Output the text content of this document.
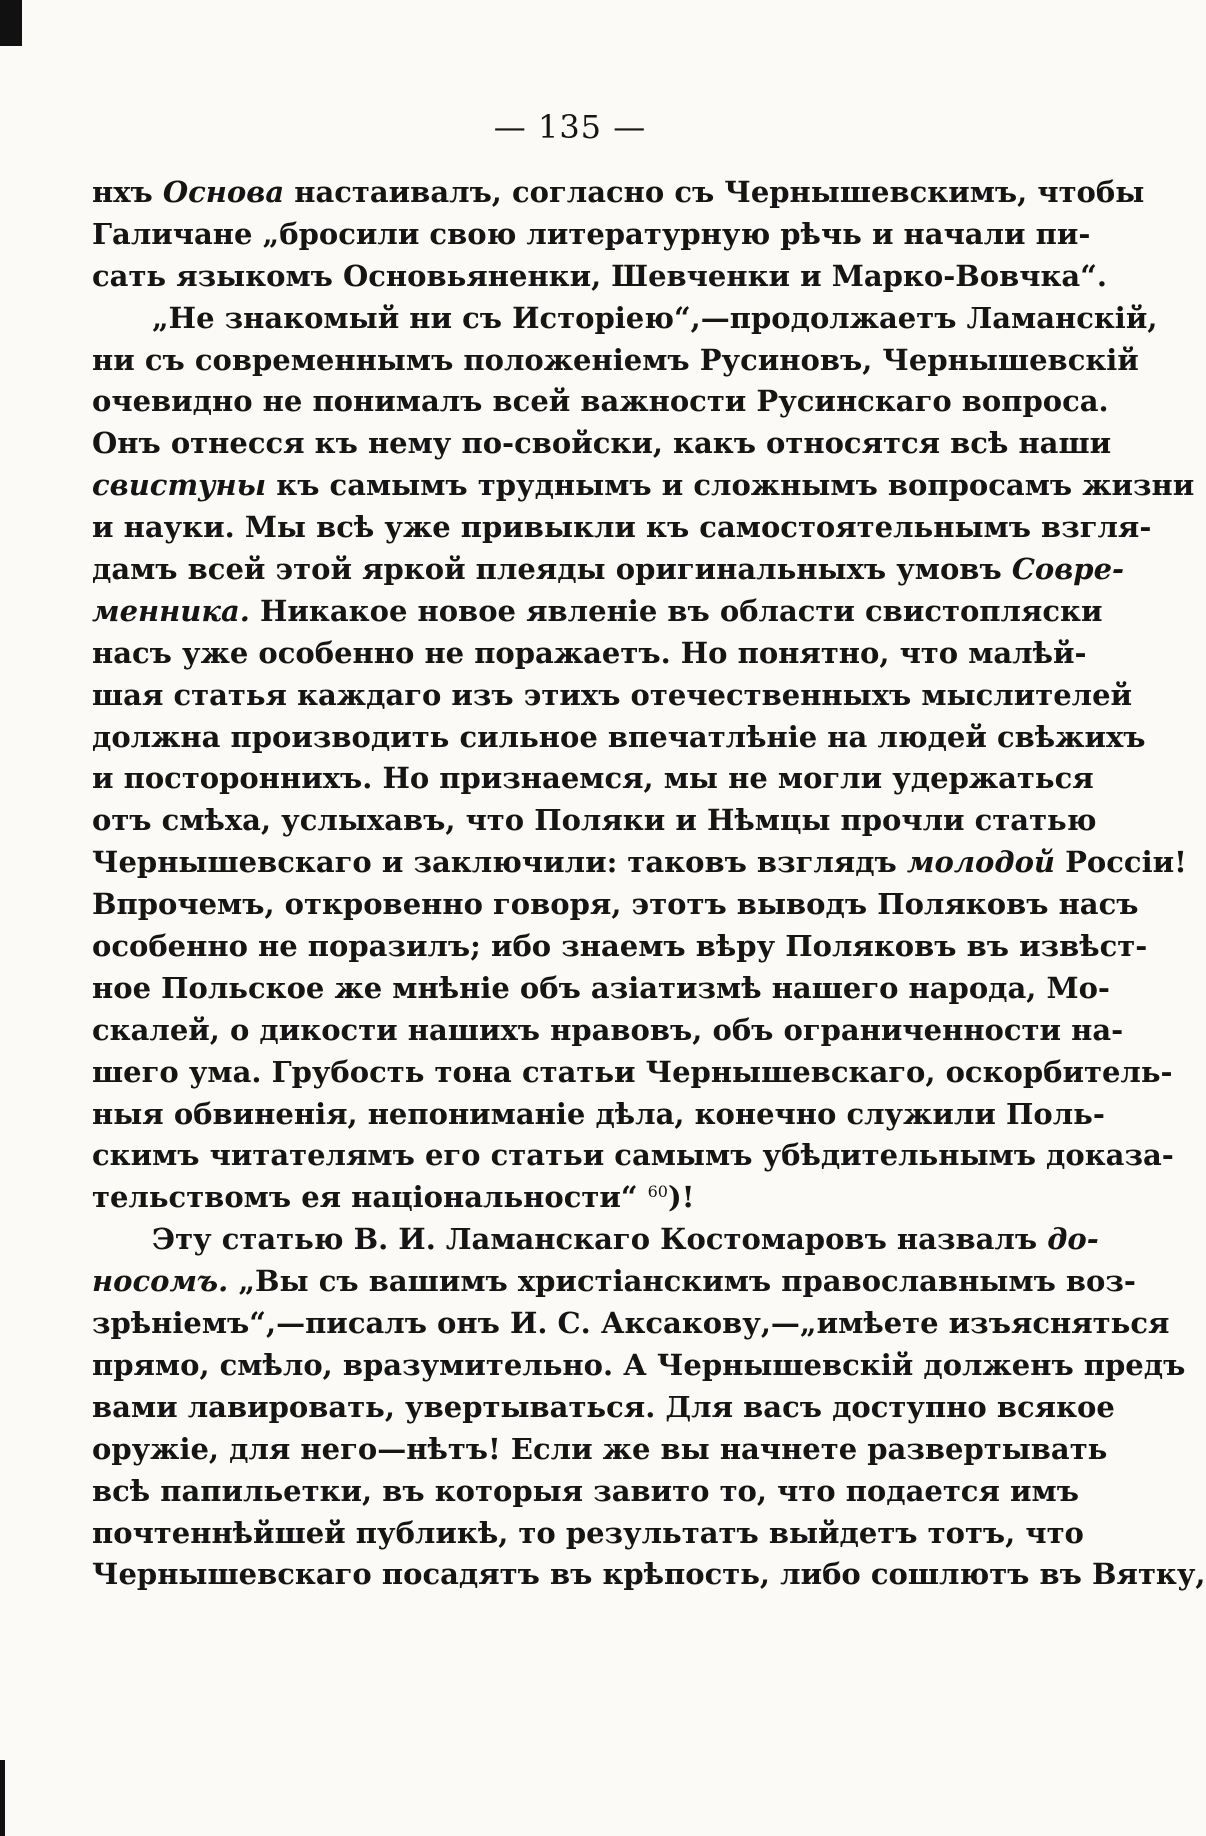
— 135 —
нхъ Основа настаивалъ, согласно съ Чернышевскимъ, чтобы
Галичане „бросили свою литературную рѣчь и начали пи-
сать языкомъ Основьяненки, Шевченки и Марко-Вовчка“.
„Не знакомый ни съ Исторіею“,—продолжаетъ Ламанскій,
ни съ современнымъ положеніемъ Русиновъ, Чернышевскій
очевидно не понималъ всей важности Русинскаго вопроса.
Онъ отнесся къ нему по-свойски, какъ относятся всѣ наши
свистуны къ самымъ труднымъ и сложнымъ вопросамъ жизни
и науки. Мы всѣ уже привыкли къ самостоятельнымъ взгля-
дамъ всей этой яркой плеяды оригинальныхъ умовъ Совре-
менника. Никакое новое явленіе въ области свистопляски
насъ уже особенно не поражаетъ. Но понятно, что малѣй-
шая статья каждаго изъ этихъ отечественныхъ мыслителей
должна производить сильное впечатлѣніе на людей свѣжихъ
и постороннихъ. Но признаемся, мы не могли удержаться
отъ смѣха, услыхавъ, что Поляки и Нѣмцы прочли статью
Чернышевскаго и заключили: таковъ взглядъ молодой Россіи!
Впрочемъ, откровенно говоря, этотъ выводъ Поляковъ насъ
особенно не поразилъ; ибо знаемъ вѣру Поляковъ въ извѣст-
ное Польское же мнѣніе объ азіатизмѣ нашего народа, Мо-
скалей, о дикости нашихъ нравовъ, объ ограниченности на-
шего ума. Грубость тона статьи Чернышевскаго, оскорбитель-
ныя обвиненія, непониманіе дѣла, конечно служили Поль-
скимъ читателямъ его статьи самымъ убѣдительнымъ доказа-
тельствомъ ея національности“ $^{60}$)!
Эту статью В. И. Ламанскаго Костомаровъ назвалъ до-
носомъ. „Вы съ вашимъ христіанскимъ православнымъ воз-
зрѣніемъ“,—писалъ онъ И. С. Аксакову,—„имѣете изъясняться
прямо, смѣло, вразумительно. А Чернышевскій долженъ предъ
вами лавировать, увертываться. Для васъ доступно всякое
оружіе, для него—нѣтъ! Если же вы начнете развертывать
всѣ папильетки, въ которыя завито то, что подается имъ
почтеннѣйшей публикѣ, то результатъ выйдетъ тотъ, что
Чернышевскаго посадятъ въ крѣпость, либо сошлютъ въ Вятку,
